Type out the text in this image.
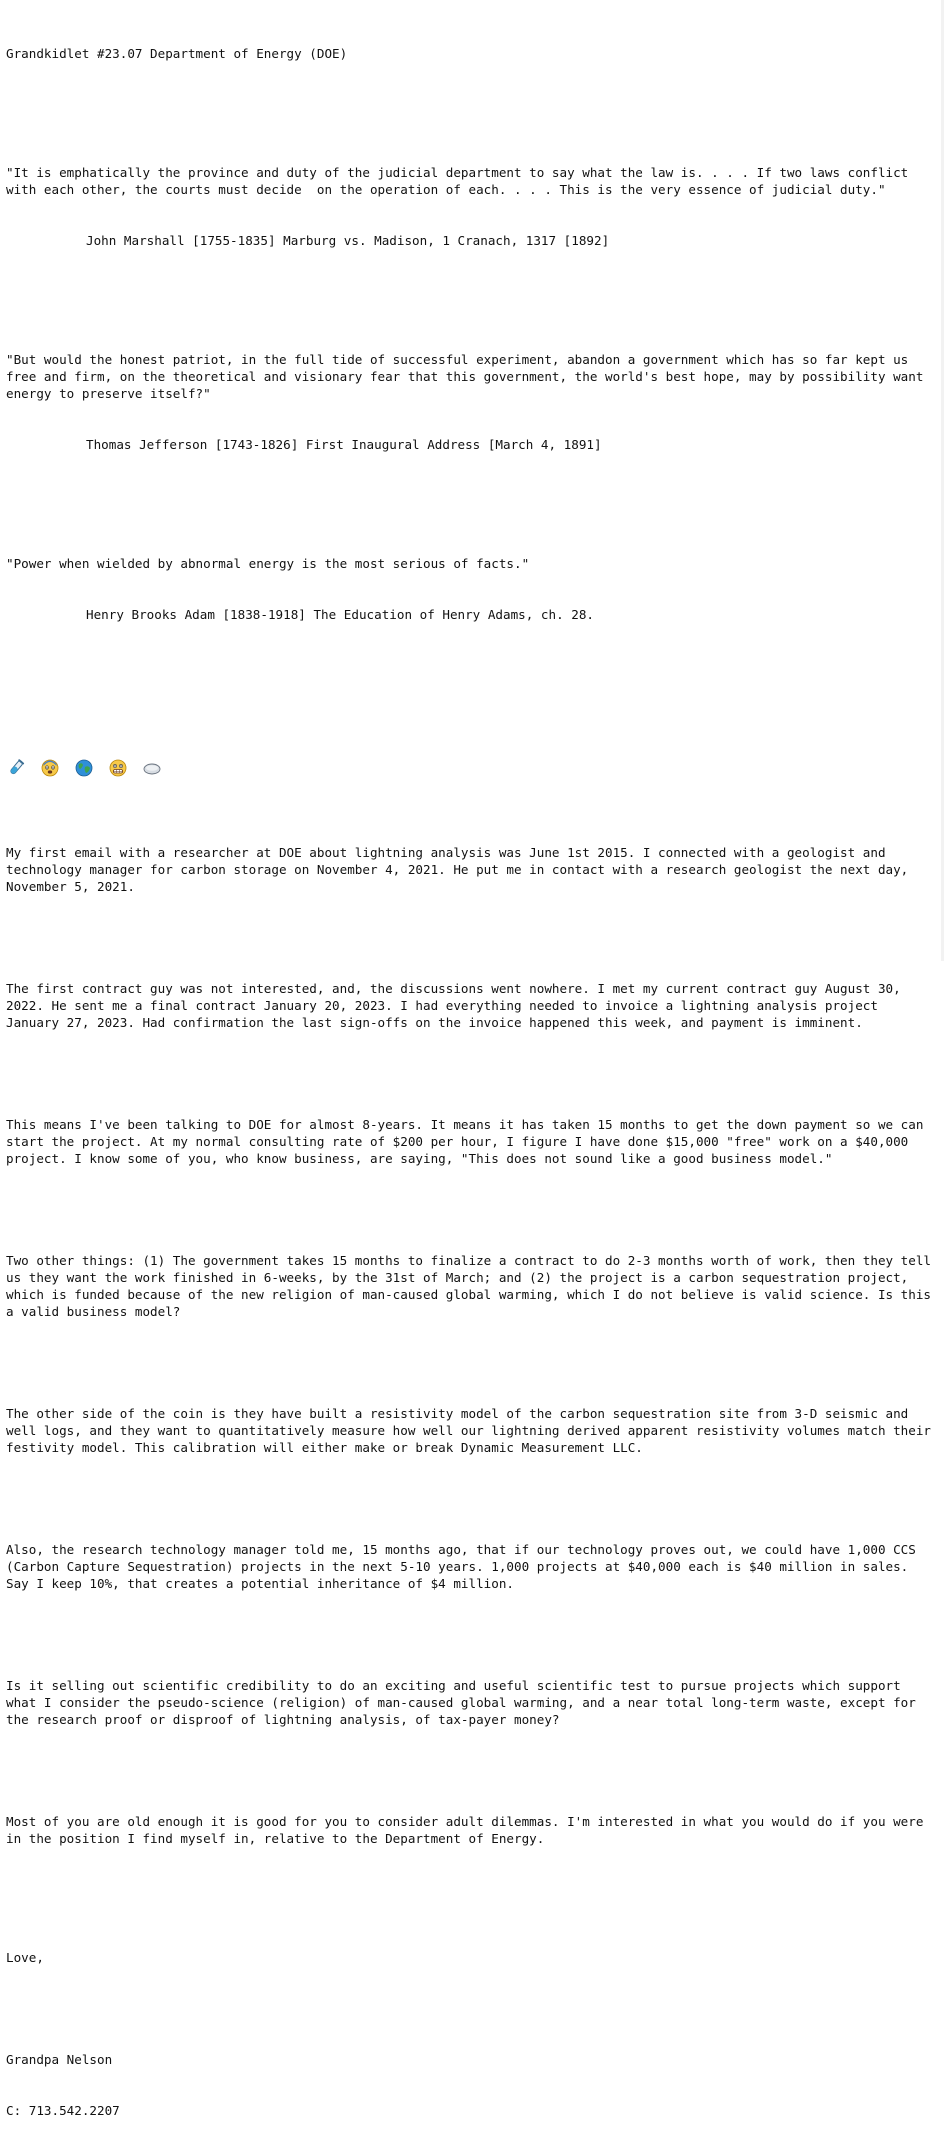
Grandkidlet #23.07 Department of Energy (DOE)

"It is emphatically the province and duty of the judicial department to say what the law is. . . . If two laws conflict with each other, the courts must decide  on the operation of each. . . . This is the very essence of judicial duty."

John Marshall [1755-1835] Marburg vs. Madison, 1 Cranach, 1317 [1892]

"But would the honest patriot, in the full tide of successful experiment, abandon a government which has so far kept us free and firm, on the theoretical and visionary fear that this government, the world's best hope, may by possibility want energy to preserve itself?"

Thomas Jefferson [1743-1826] First Inaugural Address [March 4, 1891]

"Power when wielded by abnormal energy is the most serious of facts."

Henry Brooks Adam [1838-1918] The Education of Henry Adams, ch. 28.

My first email with a researcher at DOE about lightning analysis was June 1st 2015. I connected with a geologist and technology manager for carbon storage on November 4, 2021. He put me in contact with a research geologist the next day, November 5, 2021.

The first contract guy was not interested, and, the discussions went nowhere. I met my current contract guy August 30, 2022. He sent me a final contract January 20, 2023. I had everything needed to invoice a lightning analysis project January 27, 2023. Had confirmation the last sign-offs on the invoice happened this week, and payment is imminent.

This means I've been talking to DOE for almost 8-years. It means it has taken 15 months to get the down payment so we can start the project. At my normal consulting rate of $200 per hour, I figure I have done $15,000 "free" work on a $40,000 project. I know some of you, who know business, are saying, "This does not sound like a good business model."

Two other things: (1) The government takes 15 months to finalize a contract to do 2-3 months worth of work, then they tell us they want the work finished in 6-weeks, by the 31st of March; and (2) the project is a carbon sequestration project, which is funded because of the new religion of man-caused global warming, which I do not believe is valid science. Is this a valid business model?

The other side of the coin is they have built a resistivity model of the carbon sequestration site from 3-D seismic and well logs, and they want to quantitatively measure how well our lightning derived apparent resistivity volumes match their festivity model. This calibration will either make or break Dynamic Measurement LLC.

Also, the research technology manager told me, 15 months ago, that if our technology proves out, we could have 1,000 CCS (Carbon Capture Sequestration) projects in the next 5-10 years. 1,000 projects at $40,000 each is $40 million in sales. Say I keep 10%, that creates a potential inheritance of $4 million.

Is it selling out scientific credibility to do an exciting and useful scientific test to pursue projects which support what I consider the pseudo-science (religion) of man-caused global warming, and a near total long-term waste, except for the research proof or disproof of lightning analysis, of tax-payer money?

Most of you are old enough it is good for you to consider adult dilemmas. I'm interested in what you would do if you were in the position I find myself in, relative to the Department of Energy.

Love,

Grandpa Nelson

C: 713.542.2207
